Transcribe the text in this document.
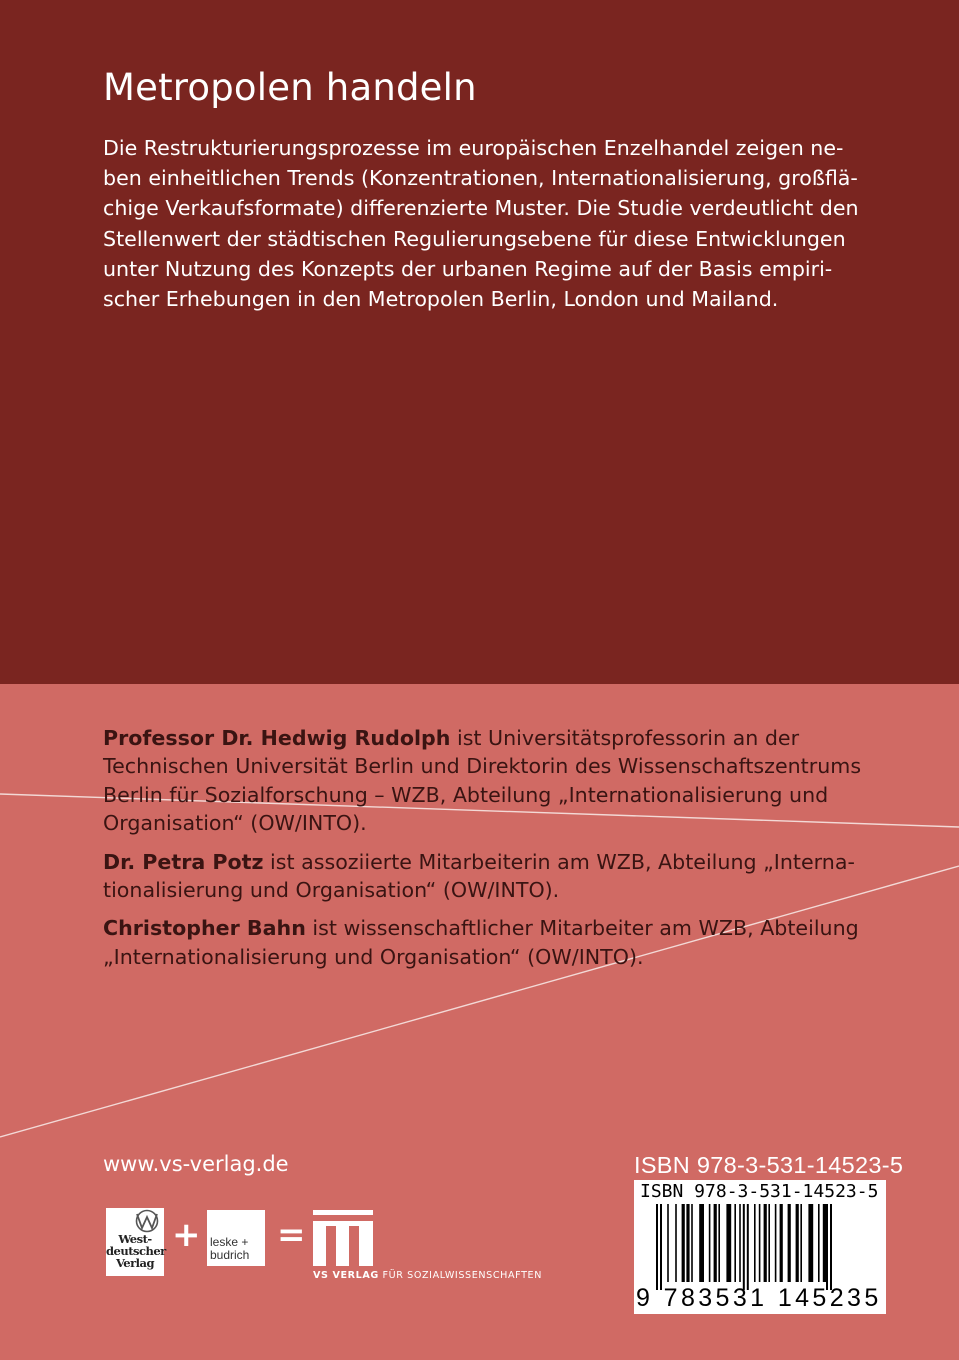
Metropolen handeln
Die Restrukturierungsprozesse im europäischen Enzelhandel zeigen ne-
ben einheitlichen Trends (Konzentrationen, Internationalisierung, großflä-
chige Verkaufsformate) differenzierte Muster. Die Studie verdeutlicht den
Stellenwert der städtischen Regulierungsebene für diese Entwicklungen
unter Nutzung des Konzepts der urbanen Regime auf der Basis empiri-
scher Erhebungen in den Metropolen Berlin, London und Mailand.
Professor Dr. Hedwig Rudolph ist Universitätsprofessorin an der
Technischen Universität Berlin und Direktorin des Wissenschaftszentrums
Berlin für Sozialforschung – WZB, Abteilung „Internationalisierung und
Organisation“ (OW/INTO).
Dr. Petra Potz ist assoziierte Mitarbeiterin am WZB, Abteilung „Interna-
tionalisierung und Organisation“ (OW/INTO).
Christopher Bahn ist wissenschaftlicher Mitarbeiter am WZB, Abteilung
„Internationalisierung und Organisation“ (OW/INTO).
www.vs-verlag.de	ISBN 978-3-531-14523-5
ISBN 978-3-531-14523-5
9 783531 145235
West-
deutscher
Verlag
+ leske +
budrich =
VS VERLAG FÜR SOZIALWISSENSCHAFTEN
